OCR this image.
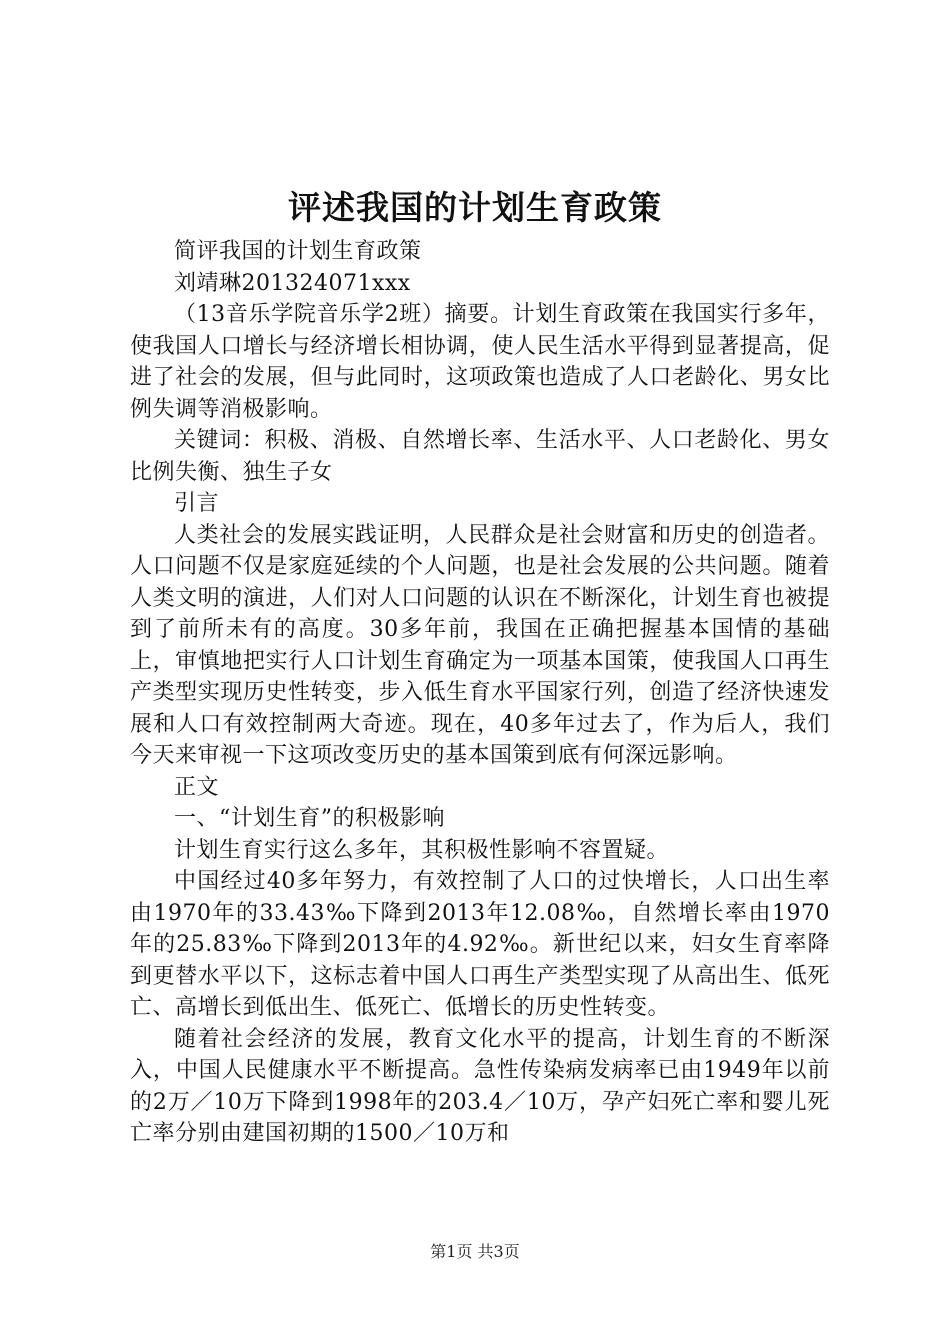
评述我国的计划生育政策

简评我国的计划生育政策

刘靖琳201324071xxx

（13音乐学院音乐学2班）摘要。计划生育政策在我国实行多年，使我国人口增长与经济增长相协调，使人民生活水平得到显著提高，促进了社会的发展，但与此同时，这项政策也造成了人口老龄化、男女比例失调等消极影响。

关键词：积极、消极、自然增长率、生活水平、人口老龄化、男女比例失衡、独生子女

引言

人类社会的发展实践证明，人民群众是社会财富和历史的创造者。人口问题不仅是家庭延续的个人问题，也是社会发展的公共问题。随着人类文明的演进，人们对人口问题的认识在不断深化，计划生育也被提到了前所未有的高度。30多年前，我国在正确把握基本国情的基础上，审慎地把实行人口计划生育确定为一项基本国策，使我国人口再生产类型实现历史性转变，步入低生育水平国家行列，创造了经济快速发展和人口有效控制两大奇迹。现在，40多年过去了，作为后人，我们今天来审视一下这项改变历史的基本国策到底有何深远影响。

正文

一、“计划生育”的积极影响

计划生育实行这么多年，其积极性影响不容置疑。

中国经过40多年努力，有效控制了人口的过快增长，人口出生率由1970年的33.43‰下降到2013年12.08‰，自然增长率由1970年的25.83‰下降到2013年的4.92‰。新世纪以来，妇女生育率降到更替水平以下，这标志着中国人口再生产类型实现了从高出生、低死亡、高增长到低出生、低死亡、低增长的历史性转变。

随着社会经济的发展，教育文化水平的提高，计划生育的不断深入，中国人民健康水平不断提高。急性传染病发病率已由1949年以前的2万／10万下降到1998年的203.4／10万，孕产妇死亡率和婴儿死亡率分别由建国初期的1500／10万和

第1页 共3页
